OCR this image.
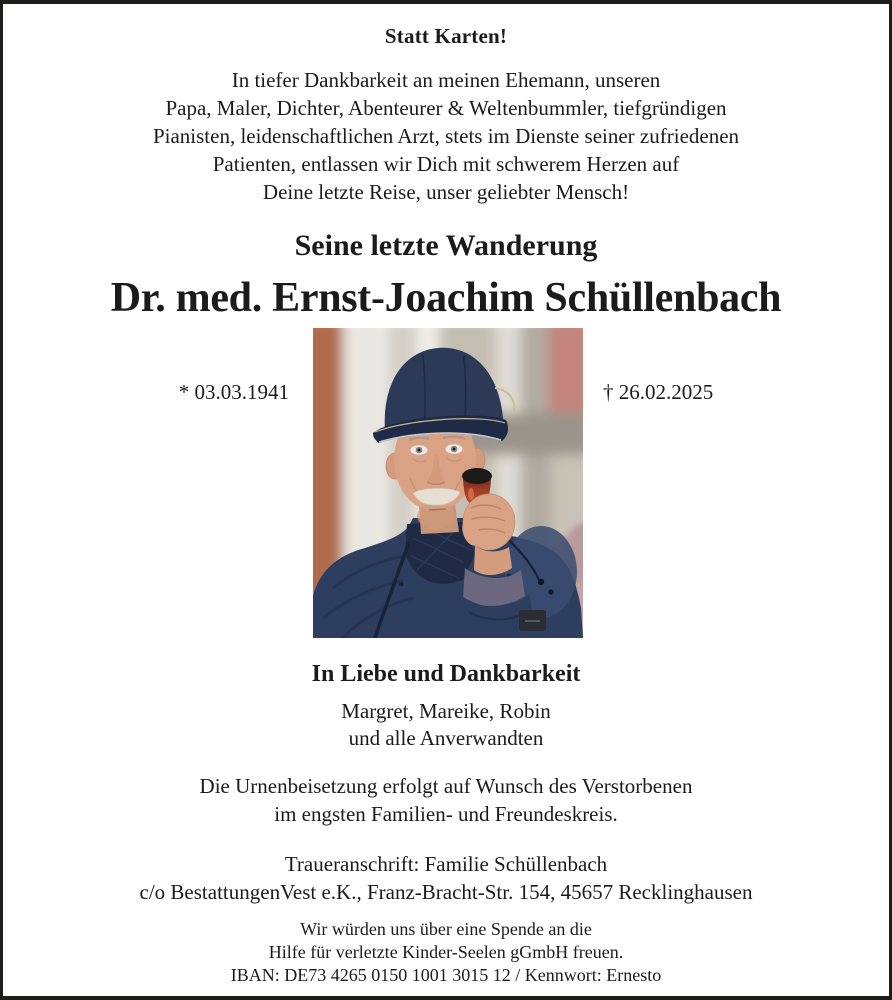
Statt Karten!
In tiefer Dankbarkeit an meinen Ehemann, unseren
Papa, Maler, Dichter, Abenteurer & Weltenbummler, tiefgründigen
Pianisten, leidenschaftlichen Arzt, stets im Dienste seiner zufriedenen
Patienten, entlassen wir Dich mit schwerem Herzen auf
Deine letzte Reise, unser geliebter Mensch!
Seine letzte Wanderung
Dr. med. Ernst-Joachim Schüllenbach
* 03.03.1941	† 26.02.2025
In Liebe und Dankbarkeit
Margret, Mareike, Robin
und alle Anverwandten
Die Urnenbeisetzung erfolgt auf Wunsch des Verstorbenen
im engsten Familien- und Freundeskreis.
Traueranschrift: Familie Schüllenbach
c/o BestattungenVest e.K., Franz-Bracht-Str. 154, 45657 Recklinghausen
Wir würden uns über eine Spende an die
Hilfe für verletzte Kinder-Seelen gGmbH freuen.
IBAN: DE73 4265 0150 1001 3015 12 / Kennwort: Ernesto
